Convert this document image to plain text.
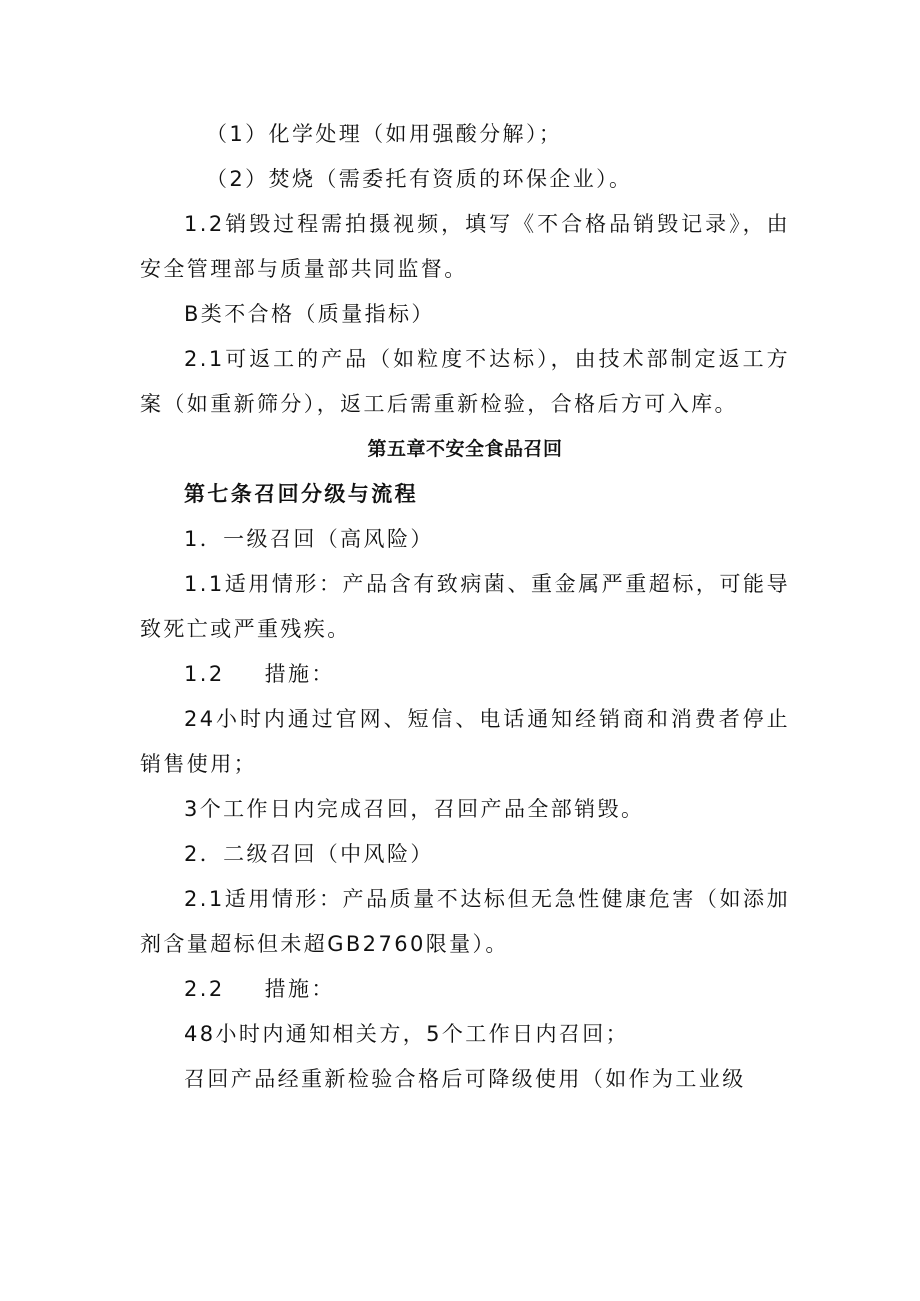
（1）化学处理（如用强酸分解）；

（2）焚烧（需委托有资质的环保企业）。

1.2销毁过程需拍摄视频，填写《不合格品销毁记录》，由安全管理部与质量部共同监督。

B类不合格（质量指标）

2.1可返工的产品（如粒度不达标），由技术部制定返工方案（如重新筛分），返工后需重新检验，合格后方可入库。

第五章不安全食品召回

第七条召回分级与流程

1．一级召回（高风险）

1.1适用情形：产品含有致病菌、重金属严重超标，可能导致死亡或严重残疾。

1.2 措施：

24小时内通过官网、短信、电话通知经销商和消费者停止销售使用；

3个工作日内完成召回，召回产品全部销毁。

2．二级召回（中风险）

2.1适用情形：产品质量不达标但无急性健康危害（如添加剂含量超标但未超GB2760限量）。

2.2 措施：

48小时内通知相关方，5个工作日内召回；

召回产品经重新检验合格后可降级使用（如作为工业级
